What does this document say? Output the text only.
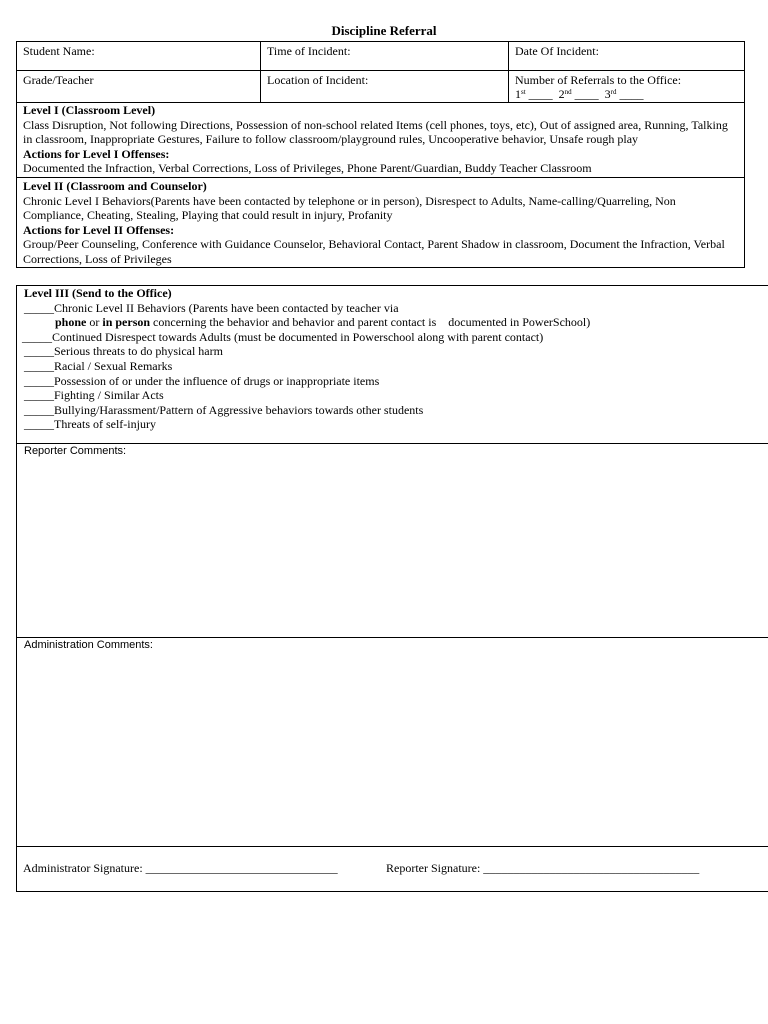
Discipline Referral
Student Name:	Time of Incident:	Date Of Incident:
Grade/Teacher	Location of Incident:	Number of Referrals to the Office:
1st ____ 2nd ____ 3rd ____
Level I (Classroom Level)
Class Disruption, Not following Directions, Possession of non-school related Items (cell phones, toys, etc), Out of assigned area, Running, Talking in classroom, Inappropriate Gestures, Failure to follow classroom/playground rules, Uncooperative behavior, Unsafe rough play
Actions for Level I Offenses:
Documented the Infraction, Verbal Corrections, Loss of Privileges, Phone Parent/Guardian, Buddy Teacher Classroom
Level II (Classroom and Counselor)
Chronic Level I Behaviors(Parents have been contacted by telephone or in person), Disrespect to Adults, Name-calling/Quarreling, Non Compliance, Cheating, Stealing, Playing that could result in injury, Profanity
Actions for Level II Offenses:
Group/Peer Counseling, Conference with Guidance Counselor, Behavioral Contact, Parent Shadow in classroom, Document the Infraction, Verbal Corrections, Loss of Privileges
Level III (Send to the Office)
_____Chronic Level II Behaviors (Parents have been contacted by teacher via
phone or in person concerning the behavior and behavior and parent contact is    documented in PowerSchool)
_____Continued Disrespect towards Adults (must be documented in Powerschool along with parent contact)
_____Serious threats to do physical harm
_____Racial / Sexual Remarks
_____Possession of or under the influence of drugs or inappropriate items
_____Fighting / Similar Acts
_____Bullying/Harassment/Pattern of Aggressive behaviors towards other students
_____Threats of self-injury
Reporter Comments:
Administration Comments:
Administrator Signature: ________________________________	Reporter Signature: ____________________________________
